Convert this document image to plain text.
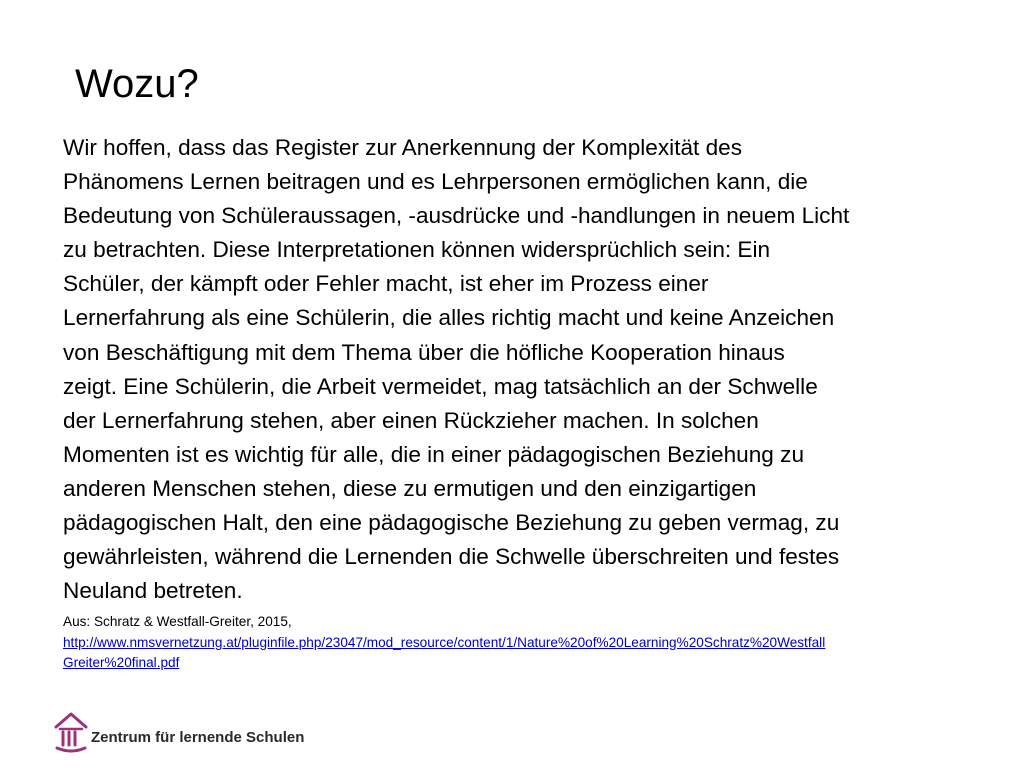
Wozu?
Wir hoffen, dass das Register zur Anerkennung der Komplexität des
Phänomens Lernen beitragen und es Lehrpersonen ermöglichen kann, die
Bedeutung von Schüleraussagen, -ausdrücke und -handlungen in neuem Licht
zu betrachten. Diese Interpretationen können widersprüchlich sein: Ein
Schüler, der kämpft oder Fehler macht, ist eher im Prozess einer
Lernerfahrung als eine Schülerin, die alles richtig macht und keine Anzeichen
von Beschäftigung mit dem Thema über die höfliche Kooperation hinaus
zeigt. Eine Schülerin, die Arbeit vermeidet, mag tatsächlich an der Schwelle
der Lernerfahrung stehen, aber einen Rückzieher machen. In solchen
Momenten ist es wichtig für alle, die in einer pädagogischen Beziehung zu
anderen Menschen stehen, diese zu ermutigen und den einzigartigen
pädagogischen Halt, den eine pädagogische Beziehung zu geben vermag, zu
gewährleisten, während die Lernenden die Schwelle überschreiten und festes
Neuland betreten.
Aus: Schratz & Westfall-Greiter, 2015,
http://www.nmsvernetzung.at/pluginfile.php/23047/mod_resource/content/1/Nature%20of%20Learning%20Schratz%20Westfall
Greiter%20final.pdf
Zentrum für lernende Schulen
